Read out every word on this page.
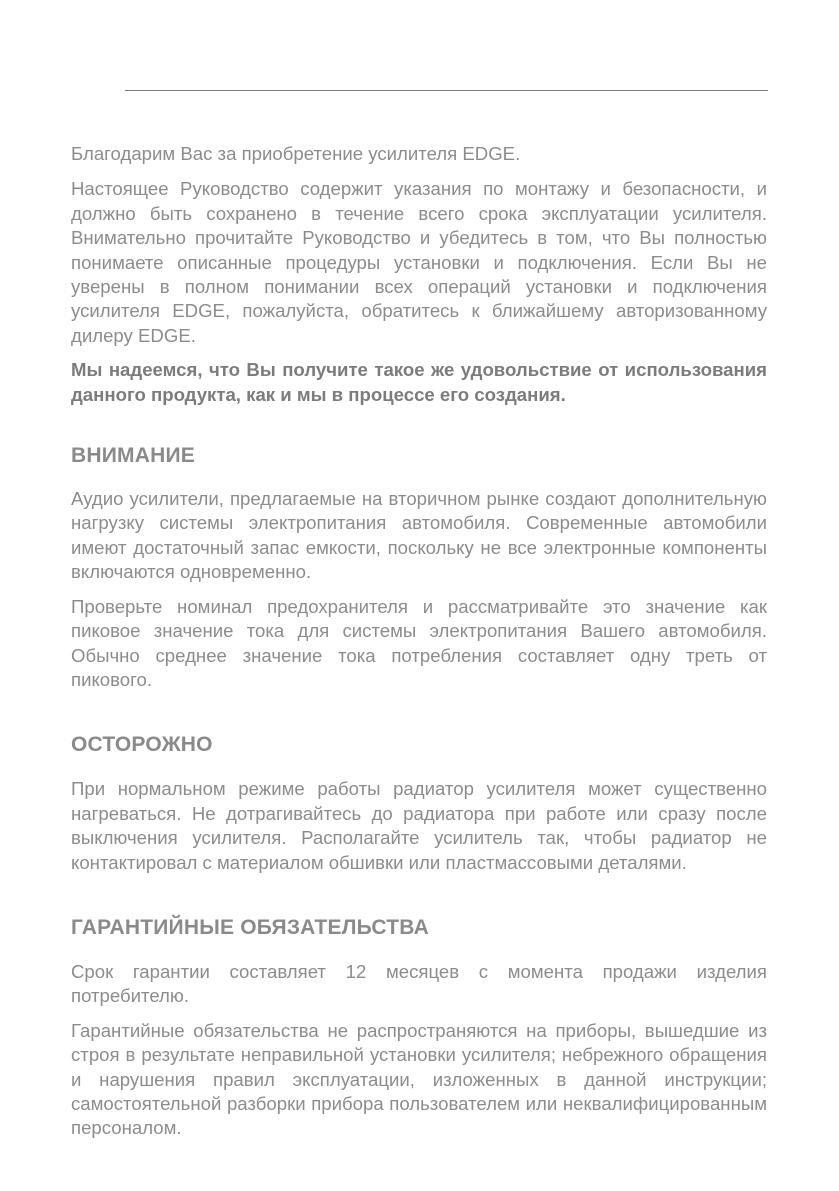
Благодарим Вас за приобретение усилителя EDGE.

Настоящее Руководство содержит указания по монтажу и безопасности, и должно быть сохранено в течение всего срока эксплуатации усилителя. Внимательно прочитайте Руководство и убедитесь в том, что Вы полностью понимаете описанные процедуры установки и подключения. Если Вы не уверены в полном понимании всех операций установки и подключения усилителя EDGE, пожалуйста, обратитесь к ближайшему авторизованному дилеру EDGE.

Мы надеемся, что Вы получите такое же удовольствие от использования данного продукта, как и мы в процессе его создания.

ВНИМАНИЕ

Аудио усилители, предлагаемые на вторичном рынке создают дополнительную нагрузку системы электропитания автомобиля. Современные автомобили имеют достаточный запас емкости, поскольку не все электронные компоненты включаются одновременно.

Проверьте номинал предохранителя и рассматривайте это значение как пиковое значение тока для системы электропитания Вашего автомобиля. Обычно среднее значение тока потребления составляет одну треть от пикового.

ОСТОРОЖНО

При нормальном режиме работы радиатор усилителя может существенно нагреваться. Не дотрагивайтесь до радиатора при работе или сразу после выключения усилителя. Располагайте усилитель так, чтобы радиатор не контактировал с материалом обшивки или пластмассовыми деталями.

ГАРАНТИЙНЫЕ ОБЯЗАТЕЛЬСТВА

Срок гарантии составляет 12 месяцев с момента продажи изделия потребителю.

Гарантийные обязательства не распространяются на приборы, вышедшие из строя в результате неправильной установки усилителя; небрежного обращения и нарушения правил эксплуатации, изложенных в данной инструкции; самостоятельной разборки прибора пользователем или неквалифицированным персоналом.
